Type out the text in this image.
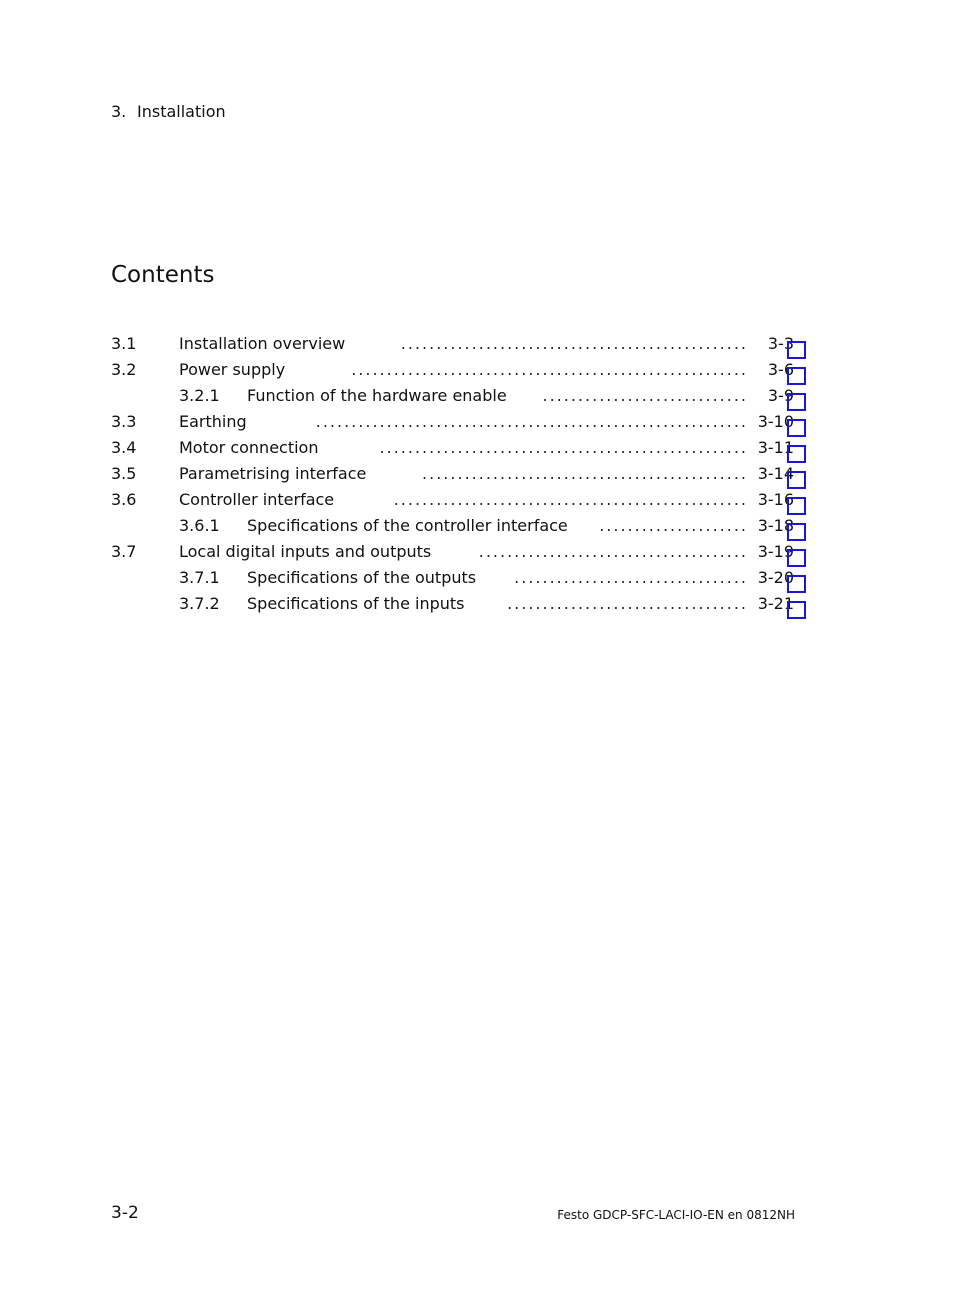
3. Installation
Contents
3.1	Installation overview	................................................. 3-3
3.2	Power supply	........................................................ 3-6
3.2.1 Function of the hardware enable	............................. 3-9
3.3	Earthing	............................................................. 3-10
3.4	Motor connection	.................................................... 3-11
3.5	Parametrising interface	.............................................. 3-14
3.6	Controller interface	.................................................. 3-16
3.6.1 Specifications of the controller interface	..................... 3-18
3.7	Local digital inputs and outputs	...................................... 3-19
3.7.1 Specifications of the outputs	................................. 3-20
3.7.2 Specifications of the inputs	.................................. 3-21
3-2	Festo GDCP-SFC-LACI-IO-EN en 0812NH
